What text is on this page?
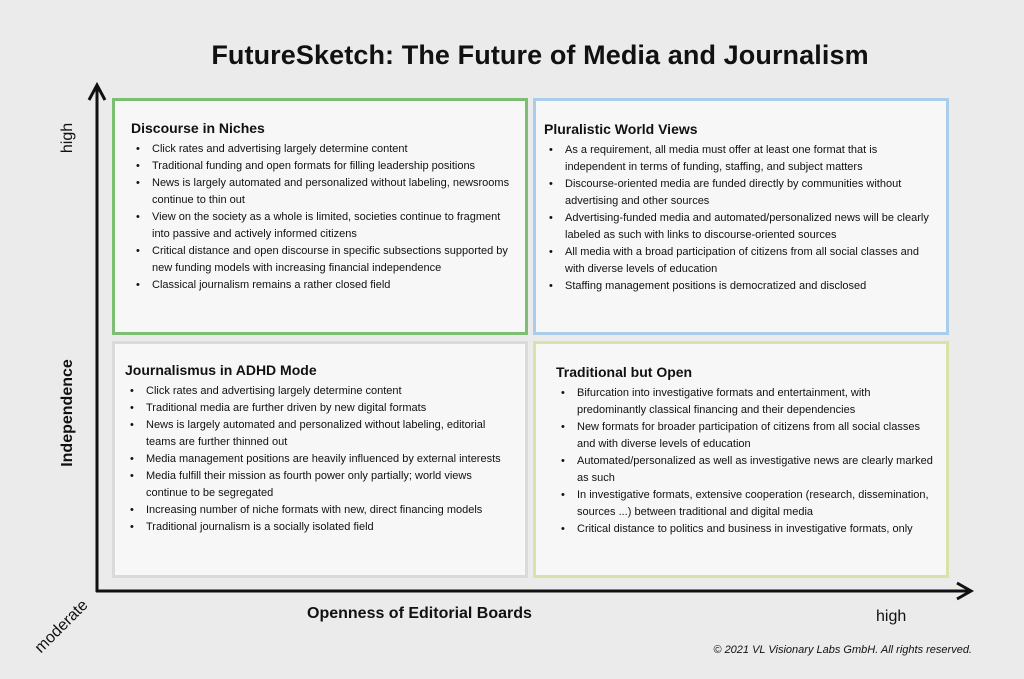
FutureSketch: The Future of Media and Journalism
high
Independence
moderate	Openness of Editorial Boards	high
Discourse in Niches
• Click rates and advertising largely determine content
• Traditional funding and open formats for filling leadership positions
• News is largely automated and personalized without labeling, newsrooms continue to thin out
• View on the society as a whole is limited, societies continue to fragment into passive and actively informed citizens
• Critical distance and open discourse in specific subsections supported by new funding models with increasing financial independence
• Classical journalism remains a rather closed field
Pluralistic World Views
• As a requirement, all media must offer at least one format that is independent in terms of funding, staffing, and subject matters
• Discourse-oriented media are funded directly by communities without advertising and other sources
• Advertising-funded media and automated/personalized news will be clearly labeled as such with links to discourse-oriented sources
• All media with a broad participation of citizens from all social classes and with diverse levels of education
• Staffing management positions is democratized and disclosed
Journalismus in ADHD Mode
• Click rates and advertising largely determine content
• Traditional media are further driven by new digital formats
• News is largely automated and personalized without labeling, editorial teams are further thinned out
• Media management positions are heavily influenced by external interests
• Media fulfill their mission as fourth power only partially; world views continue to be segregated
• Increasing number of niche formats with new, direct financing models
• Traditional journalism is a socially isolated field
Traditional but Open
• Bifurcation into investigative formats and entertainment, with predominantly classical financing and their dependencies
• New formats for broader participation of citizens from all social classes and with diverse levels of education
• Automated/personalized as well as investigative news are clearly marked as such
• In investigative formats, extensive cooperation (research, dissemination, sources ...) between traditional and digital media
• Critical distance to politics and business in investigative formats, only
© 2021 VL Visionary Labs GmbH. All rights reserved.
